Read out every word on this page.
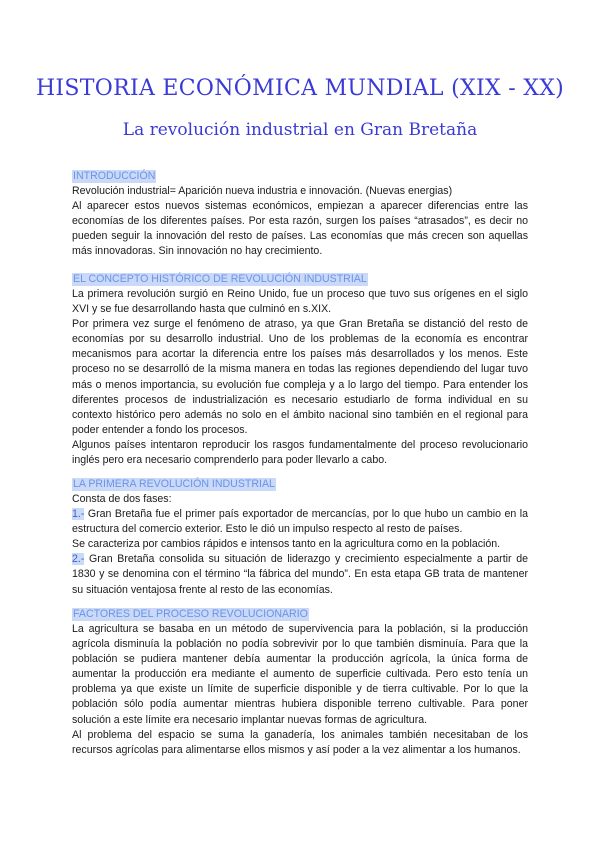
HISTORIA ECONÓMICA MUNDIAL (XIX - XX)
La revolución industrial en Gran Bretaña
INTRODUCCIÓN

Revolución industrial= Aparición nueva industria e innovación. (Nuevas energias)

Al aparecer estos nuevos sistemas económicos, empiezan a aparecer diferencias entre las economías de los diferentes países. Por esta razón, surgen los países “atrasados”, es decir no pueden seguir la innovación del resto de países. Las economías que más crecen son aquellas más innovadoras. Sin innovación no hay crecimiento.

EL CONCEPTO HISTÓRICO DE REVOLUCIÓN INDUSTRIAL

La primera revolución surgió en Reino Unido, fue un proceso que tuvo sus orígenes en el siglo XVI y se fue desarrollando hasta que culminó en s.XIX.

Por primera vez surge el fenómeno de atraso, ya que Gran Bretaña se distanció del resto de economías por su desarrollo industrial. Uno de los problemas de la economía es encontrar mecanismos para acortar la diferencia entre los países más desarrollados y los menos. Este proceso no se desarrolló de la misma manera en todas las regiones dependiendo del lugar tuvo más o menos importancia, su evolución fue compleja y a lo largo del tiempo. Para entender los diferentes procesos de industrialización es necesario estudiarlo de forma individual en su contexto histórico pero además no solo en el ámbito nacional sino también en el regional para poder entender a fondo los procesos.

Algunos países intentaron reproducir los rasgos fundamentalmente del proceso revolucionario inglés pero era necesario comprenderlo para poder llevarlo a cabo.

LA PRIMERA REVOLUCIÓN INDUSTRIAL

Consta de dos fases:

1.- Gran Bretaña fue el primer país exportador de mercancías, por lo que hubo un cambio en la estructura del comercio exterior. Esto le dió un impulso respecto al resto de países.

Se caracteriza por cambios rápidos e intensos tanto en la agricultura como en la población.

2.- Gran Bretaña consolida su situación de liderazgo y crecimiento especialmente a partir de 1830 y se denomina con el término “la fábrica del mundo”. En esta etapa GB trata de mantener su situación ventajosa frente al resto de las economías.

FACTORES DEL PROCESO REVOLUCIONARIO

La agricultura se basaba en un método de supervivencia para la población, si la producción agrícola disminuía la población no podía sobrevivir por lo que también disminuía. Para que la población se pudiera mantener debía aumentar la producción agrícola, la única forma de aumentar la producción era mediante el aumento de superficie cultivada. Pero esto tenía un problema ya que existe un límite de superficie disponible y de tierra cultivable. Por lo que la población sólo podía aumentar mientras hubiera disponible terreno cultivable. Para poner solución a este límite era necesario implantar nuevas formas de agricultura.

Al problema del espacio se suma la ganadería, los animales también necesitaban de los recursos agrícolas para alimentarse ellos mismos y así poder a la vez alimentar a los humanos.
